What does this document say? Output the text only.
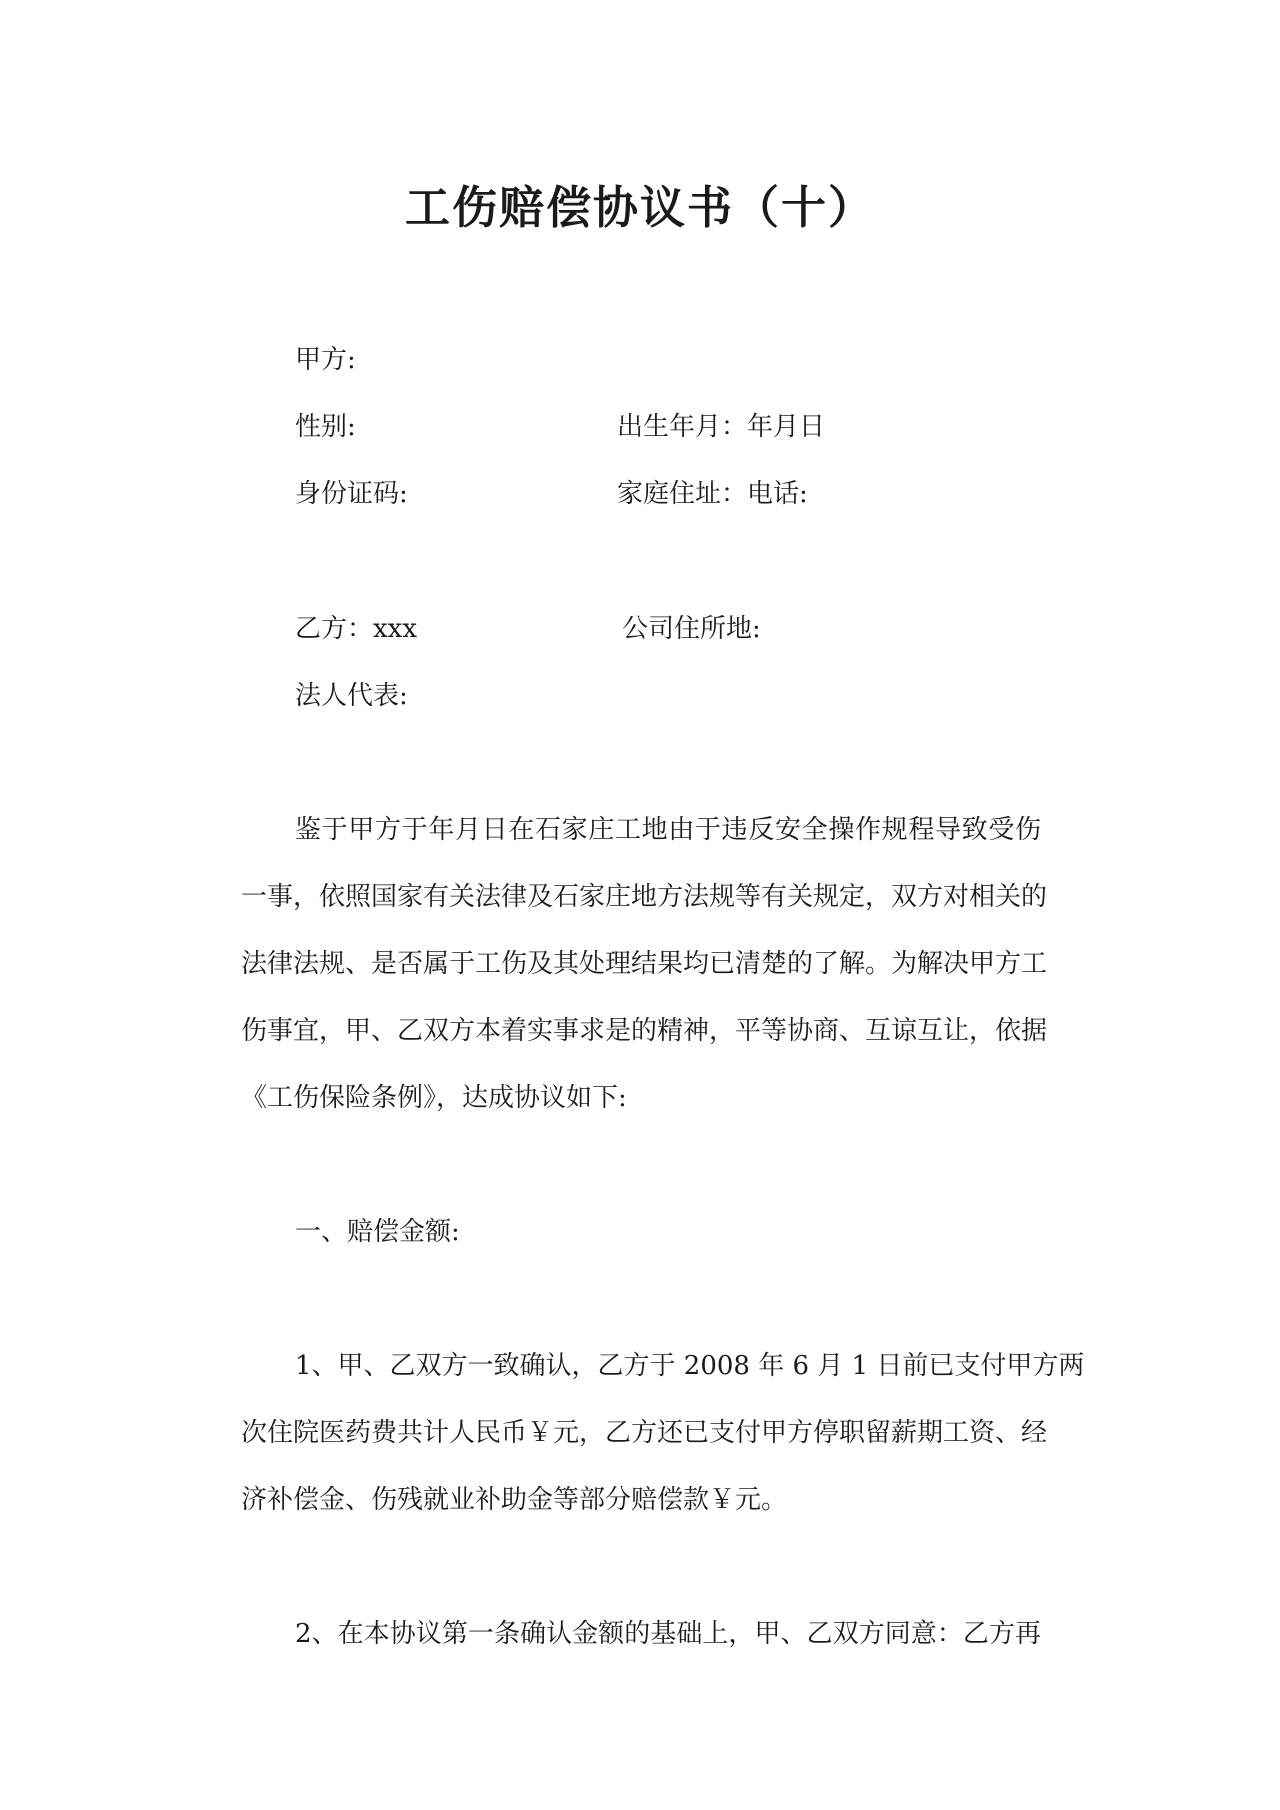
工伤赔偿协议书（十）
甲方:
性别:	出生年月：年月日
身份证码:	家庭住址：电话:
乙方：xxx	公司住所地:
法人代表:
鉴于甲方于年月日在石家庄工地由于违反安全操作规程导致受伤
一事，依照国家有关法律及石家庄地方法规等有关规定，双方对相关的
法律法规、是否属于工伤及其处理结果均已清楚的了解。为解决甲方工
伤事宜，甲、乙双方本着实事求是的精神，平等协商、互谅互让，依据
《工伤保险条例》，达成协议如下:
一、赔偿金额:
1、甲、乙双方一致确认，乙方于 2008 年 6 月 1 日前已支付甲方两
次住院医药费共计人民币￥元，乙方还已支付甲方停职留薪期工资、经
济补偿金、伤残就业补助金等部分赔偿款￥元。
2、在本协议第一条确认金额的基础上，甲、乙双方同意：乙方再
